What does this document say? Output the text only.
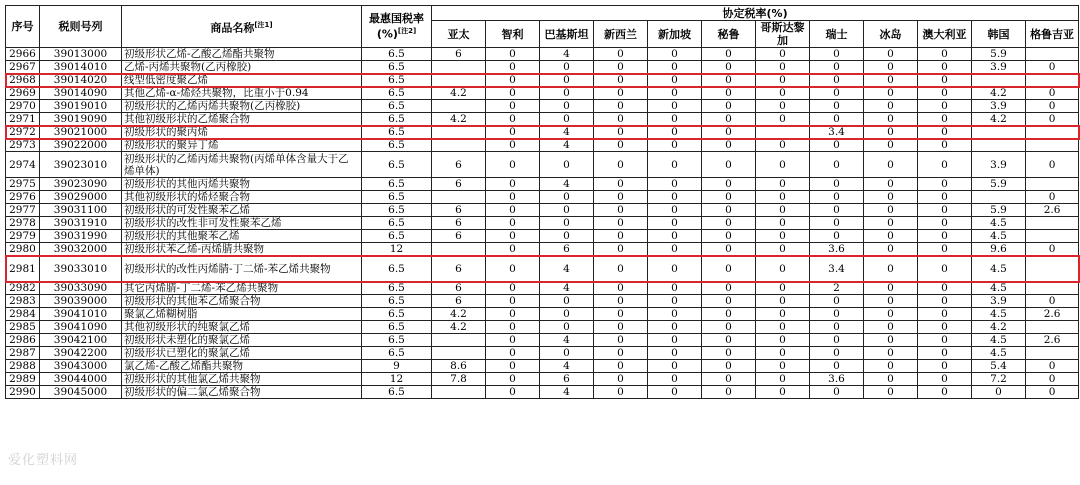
序号	税则号列	商品名称[注1]	最惠国税率
(%)[注2]	协定税率(%)											
				亚太	智利	巴基斯坦	新西兰	新加坡	秘鲁	哥斯达黎加	瑞士	冰岛	澳大利亚	韩国	格鲁吉亚
2966	39013000	初级形状乙烯-乙酸乙烯酯共聚物	6.5	6	0	4	0	0	0	0	0	0	0	5.9	
2967	39014010	乙烯-丙烯共聚物(乙丙橡胶)	6.5		0	0	0	0	0	0	0	0	0	3.9	0
2968	39014020	线型低密度聚乙烯	6.5		0	0	0	0	0	0	0	0	0		
2969	39014090	其他乙烯-α-烯烃共聚物，比重小于0.94	6.5	4.2	0	0	0	0	0	0	0	0	0	4.2	0
2970	39019010	初级形状的乙烯丙烯共聚物(乙丙橡胶)	6.5		0	0	0	0	0	0	0	0	0	3.9	0
2971	39019090	其他初级形状的乙烯聚合物	6.5	4.2	0	0	0	0	0	0	0	0	0	4.2	0
2972	39021000	初级形状的聚丙烯	6.5		0	4	0	0	0		3.4	0	0		
2973	39022000	初级形状的聚异丁烯	6.5		0	4	0	0	0	0	0	0	0		
2974	39023010	初级形状的乙烯丙烯共聚物(丙烯单体含量大于乙烯单体)	6.5	6	0	0	0	0	0	0	0	0	0	3.9	0
2975	39023090	初级形状的其他丙烯共聚物	6.5	6	0	4	0	0	0	0	0	0	0	5.9	
2976	39029000	其他初级形状的烯烃聚合物	6.5		0	0	0	0	0	0	0	0	0		0
2977	39031100	初级形状的可发性聚苯乙烯	6.5	6	0	0	0	0	0	0	0	0	0	5.9	2.6
2978	39031910	初级形状的改性非可发性聚苯乙烯	6.5	6	0	0	0	0	0	0	0	0	0	4.5	
2979	39031990	初级形状的其他聚苯乙烯	6.5	6	0	0	0	0	0	0	0	0	0	4.5	
2980	39032000	初级形状苯乙烯-丙烯腈共聚物	12		0	6	0	0	0	0	3.6	0	0	9.6	0
2981	39033010	初级形状的改性丙烯腈-丁二烯-苯乙烯共聚物	6.5	6	0	4	0	0	0	0	3.4	0	0	4.5	
2982	39033090	其它丙烯腈-丁二烯-苯乙烯共聚物	6.5	6	0	4	0	0	0	0	2	0	0	4.5	
2983	39039000	初级形状的其他苯乙烯聚合物	6.5	6	0	0	0	0	0	0	0	0	0	3.9	0
2984	39041010	聚氯乙烯糊树脂	6.5	4.2	0	0	0	0	0	0	0	0	0	4.5	2.6
2985	39041090	其他初级形状的纯聚氯乙烯	6.5	4.2	0	0	0	0	0	0	0	0	0	4.2	
2986	39042100	初级形状未塑化的聚氯乙烯	6.5		0	4	0	0	0	0	0	0	0	4.5	2.6
2987	39042200	初级形状已塑化的聚氯乙烯	6.5		0	0	0	0	0	0	0	0	0	4.5	
2988	39043000	氯乙烯-乙酸乙烯酯共聚物	9	8.6	0	4	0	0	0	0	0	0	0	5.4	0
2989	39044000	初级形状的其他氯乙烯共聚物	12	7.8	0	6	0	0	0	0	3.6	0	0	7.2	0
2990	39045000	初级形状的偏二氯乙烯聚合物	6.5		0	4	0	0	0	0	0	0	0	0	0
爱化塑料网
